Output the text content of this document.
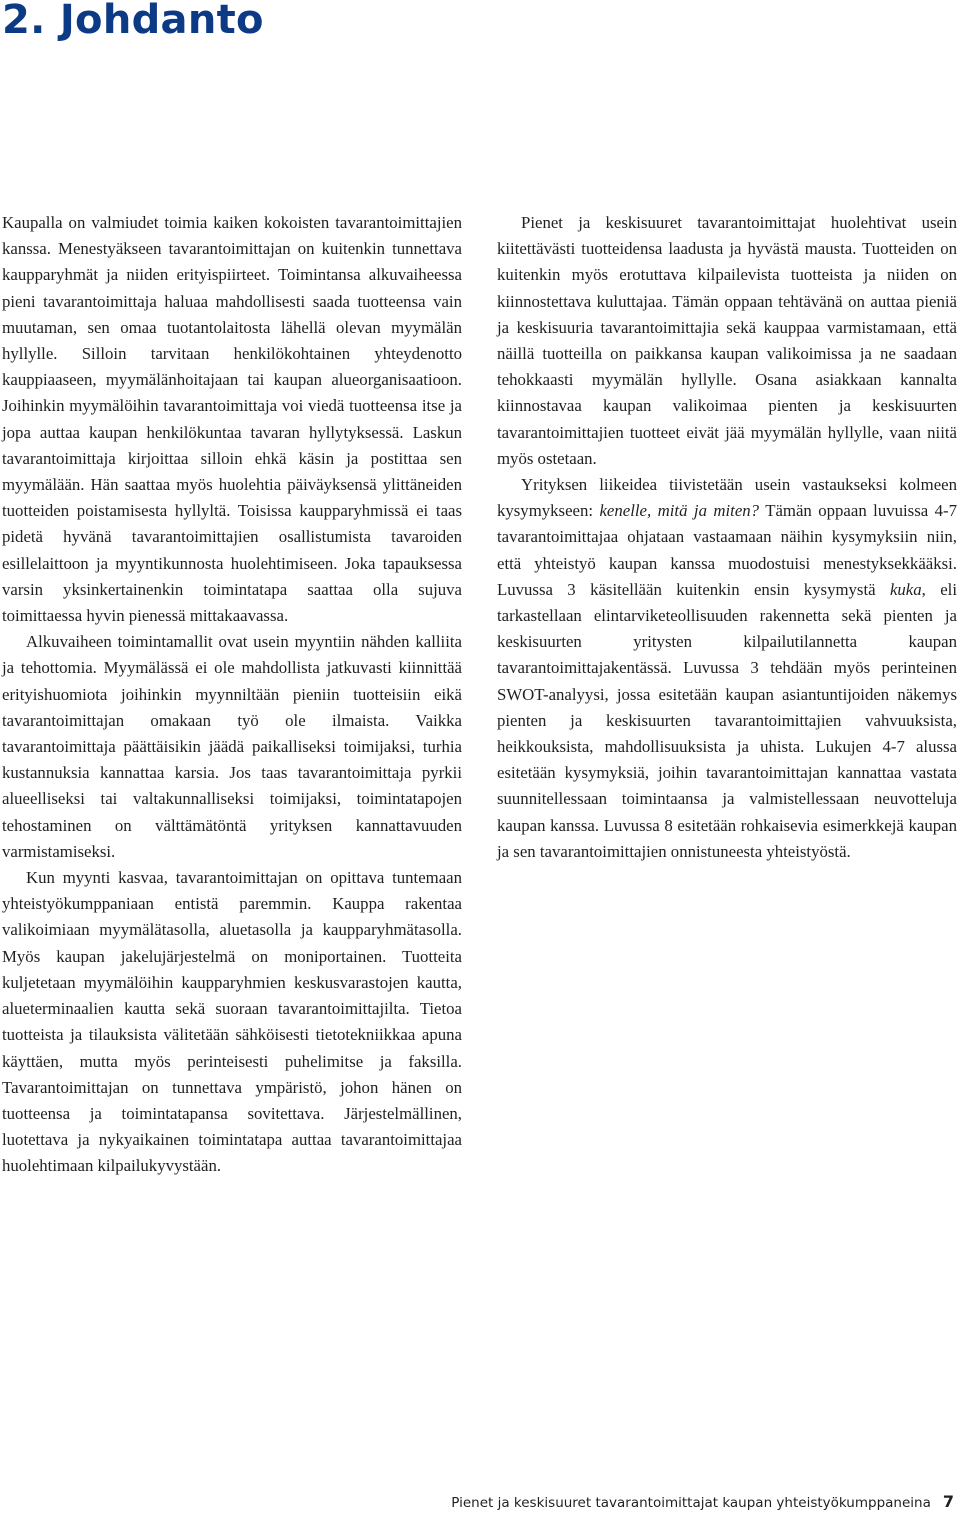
2. Johdanto

Kaupalla on valmiudet toimia kaiken kokoisten tavarantoimittajien kanssa. Menestyäkseen tavarantoimittajan on kuitenkin tunnettava kaupparyhmät ja niiden erityispiirteet. Toimintansa alkuvaiheessa pieni tavarantoimittaja haluaa mahdollisesti saada tuotteensa vain muutaman, sen omaa tuotantolaitosta lähellä olevan myymälän hyllylle. Silloin tarvitaan henkilökohtainen yhteydenotto kauppiaaseen, myymälänhoitajaan tai kaupan alueorganisaatioon. Joihinkin myymälöihin tavarantoimittaja voi viedä tuotteensa itse ja jopa auttaa kaupan henkilökuntaa tavaran hyllytyksessä. Laskun tavarantoimittaja kirjoittaa silloin ehkä käsin ja postittaa sen myymälään. Hän saattaa myös huolehtia päiväyksensä ylittäneiden tuotteiden poistamisesta hyllyltä. Toisissa kaupparyhmissä ei taas pidetä hyvänä tavarantoimittajien osallistumista tavaroiden esillelaittoon ja myyntikunnosta huolehtimiseen. Joka tapauksessa varsin yksinkertainenkin toimintatapa saattaa olla sujuva toimittaessa hyvin pienessä mittakaavassa.

Alkuvaiheen toimintamallit ovat usein myyntiin nähden kalliita ja tehottomia. Myymälässä ei ole mahdollista jatkuvasti kiinnittää erityishuomiota joihinkin myynniltään pieniin tuotteisiin eikä tavarantoimittajan omakaan työ ole ilmaista. Vaikka tavarantoimittaja päättäisikin jäädä paikalliseksi toimijaksi, turhia kustannuksia kannattaa karsia. Jos taas tavarantoimittaja pyrkii alueelliseksi tai valtakunnalliseksi toimijaksi, toimintatapojen tehostaminen on välttämätöntä yrityksen kannattavuuden varmistamiseksi.

Kun myynti kasvaa, tavarantoimittajan on opittava tuntemaan yhteistyökumppaniaan entistä paremmin. Kauppa rakentaa valikoimiaan myymälätasolla, aluetasolla ja kaupparyhmätasolla. Myös kaupan jakelujärjestelmä on moniportainen. Tuotteita kuljetetaan myymälöihin kaupparyhmien keskusvarastojen kautta, alueterminaalien kautta sekä suoraan tavarantoimittajilta. Tietoa tuotteista ja tilauksista välitetään sähköisesti tietotekniikkaa apuna käyttäen, mutta myös perinteisesti puhelimitse ja faksilla. Tavarantoimittajan on tunnettava ympäristö, johon hänen on tuotteensa ja toimintatapansa sovitettava. Järjestelmällinen, luotettava ja nykyaikainen toimintatapa auttaa tavarantoimittajaa huolehtimaan kilpailukyvystään.

Pienet ja keskisuuret tavarantoimittajat huolehtivat usein kiitettävästi tuotteidensa laadusta ja hyvästä mausta. Tuotteiden on kuitenkin myös erotuttava kilpailevista tuotteista ja niiden on kiinnostettava kuluttajaa. Tämän oppaan tehtävänä on auttaa pieniä ja keskisuuria tavarantoimittajia sekä kauppaa varmistamaan, että näillä tuotteilla on paikkansa kaupan valikoimissa ja ne saadaan tehokkaasti myymälän hyllylle. Osana asiakkaan kannalta kiinnostavaa kaupan valikoimaa pienten ja keskisuurten tavarantoimittajien tuotteet eivät jää myymälän hyllylle, vaan niitä myös ostetaan.

Yrityksen liikeidea tiivistetään usein vastaukseksi kolmeen kysymykseen: kenelle, mitä ja miten? Tämän oppaan luvuissa 4-7 tavarantoimittajaa ohjataan vastaamaan näihin kysymyksiin niin, että yhteistyö kaupan kanssa muodostuisi menestyksekkääksi. Luvussa 3 käsitellään kuitenkin ensin kysymystä kuka, eli tarkastellaan elintarviketeollisuuden rakennetta sekä pienten ja keskisuurten yritysten kilpailutilannetta kaupan tavarantoimittajakentässä. Luvussa 3 tehdään myös perinteinen SWOT-analyysi, jossa esitetään kaupan asiantuntijoiden näkemys pienten ja keskisuurten tavarantoimittajien vahvuuksista, heikkouksista, mahdollisuuksista ja uhista. Lukujen 4-7 alussa esitetään kysymyksiä, joihin tavarantoimittajan kannattaa vastata suunnitellessaan toimintaansa ja valmistellessaan neuvotteluja kaupan kanssa. Luvussa 8 esitetään rohkaisevia esimerkkejä kaupan ja sen tavarantoimittajien onnistuneesta yhteistyöstä.

Pienet ja keskisuuret tavarantoimittajat kaupan yhteistyökumppaneina 7
